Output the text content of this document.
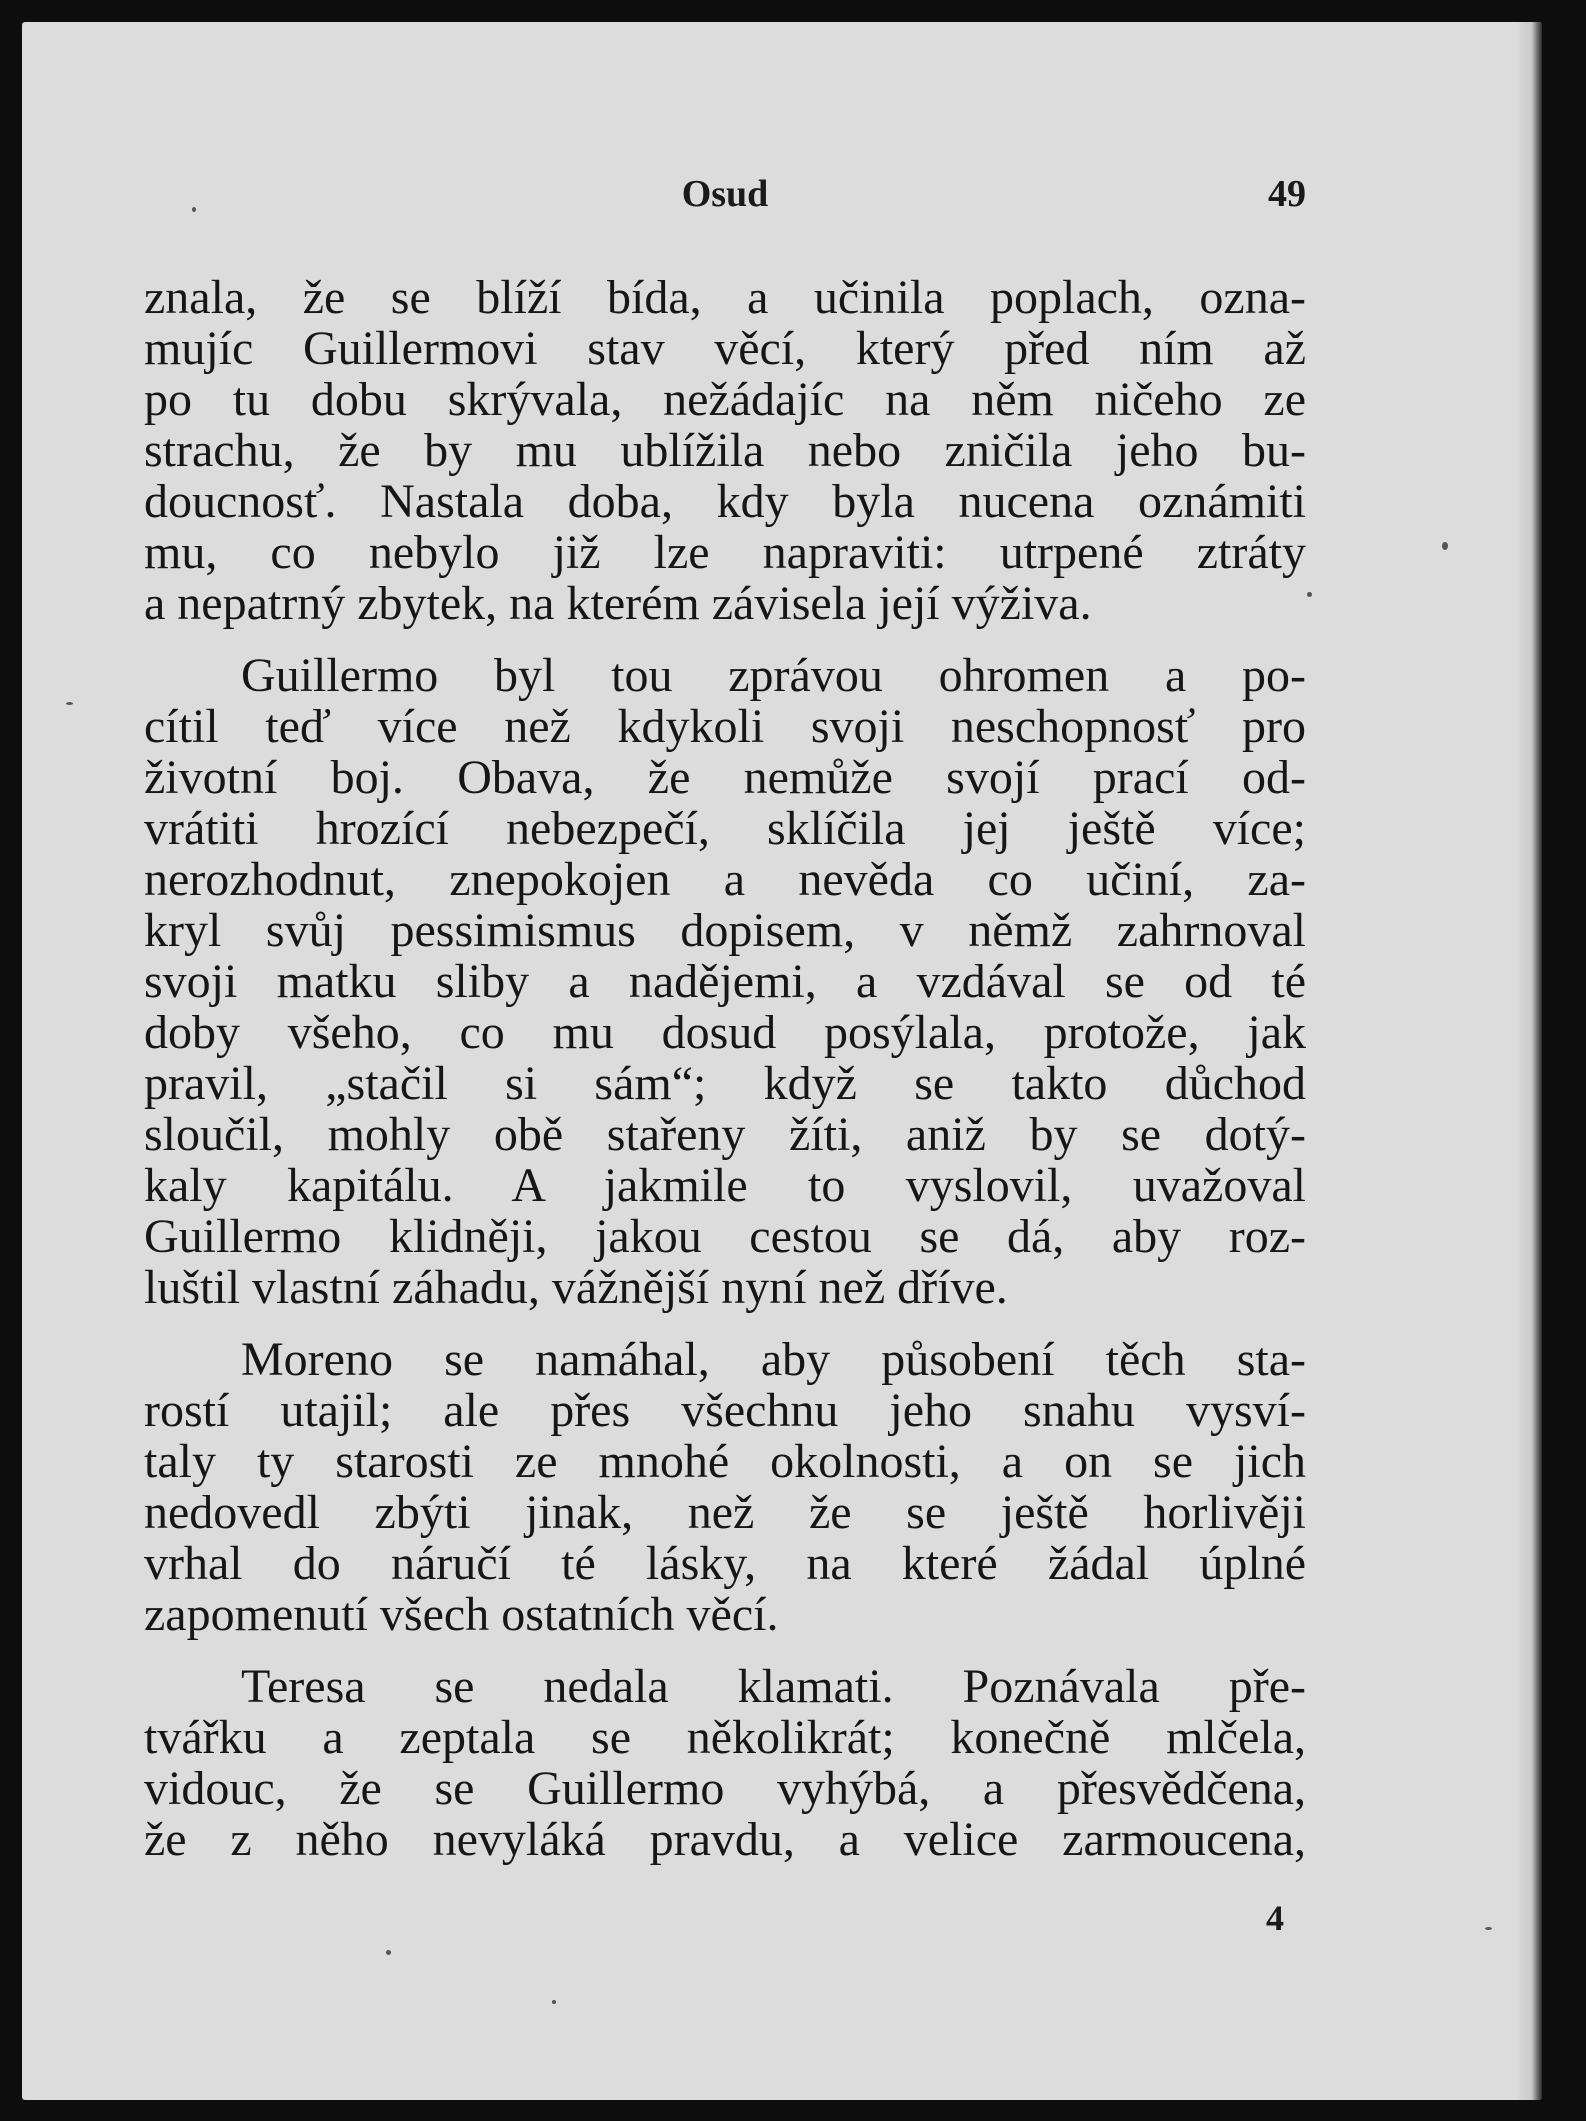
Osud	49
znala, že se blíží bída, a učinila poplach, ozna-
mujíc Guillermovi stav věcí, který před ním až
po tu dobu skrývala, nežádajíc na něm ničeho ze
strachu, že by mu ublížila nebo zničila jeho bu-
doucnosť. Nastala doba, kdy byla nucena oznámiti
mu, co nebylo již lze napraviti: utrpené ztráty
a nepatrný zbytek, na kterém závisela její výživa.
Guillermo byl tou zprávou ohromen a po-
cítil teď více než kdykoli svoji neschopnosť pro
životní boj. Obava, že nemůže svojí prací od-
vrátiti hrozící nebezpečí, sklíčila jej ještě více;
nerozhodnut, znepokojen a nevěda co učiní, za-
kryl svůj pessimismus dopisem, v němž zahrnoval
svoji matku sliby a nadějemi, a vzdával se od té
doby všeho, co mu dosud posýlala, protože, jak
pravil, „stačil si sám“; když se takto důchod
sloučil, mohly obě stařeny žíti, aniž by se dotý-
kaly kapitálu. A jakmile to vyslovil, uvažoval
Guillermo klidněji, jakou cestou se dá, aby roz-
luštil vlastní záhadu, vážnější nyní než dříve.
Moreno se namáhal, aby působení těch sta-
rostí utajil; ale přes všechnu jeho snahu vysví-
taly ty starosti ze mnohé okolnosti, a on se jich
nedovedl zbýti jinak, než že se ještě horlivěji
vrhal do náručí té lásky, na které žádal úplné
zapomenutí všech ostatních věcí.
Teresa se nedala klamati. Poznávala pře-
tvářku a zeptala se několikrát; konečně mlčela,
vidouc, že se Guillermo vyhýbá, a přesvědčena,
že z něho nevyláká pravdu, a velice zarmoucena,
4
